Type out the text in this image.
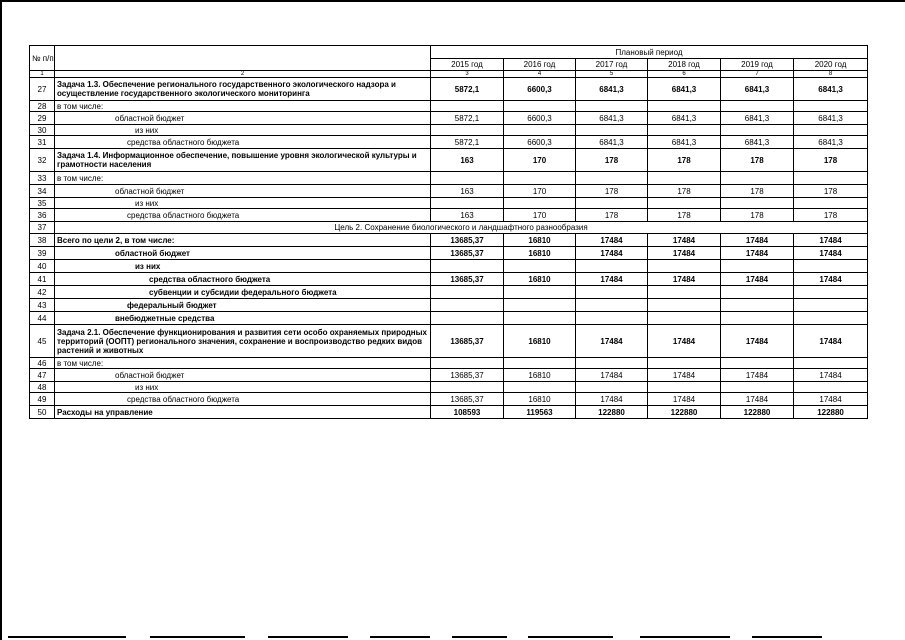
№ п/п		Плановый период					
		2015 год	2016 год	2017 год	2018 год	2019 год	2020 год
1	2	3	4	5	6	7	8
27	Задача 1.3. Обеспечение регионального государственного экологического надзора и осуществление государственного экологического мониторинга	5872,1	6600,3	6841,3	6841,3	6841,3	6841,3
28	в том числе:						
29	областной бюджет	5872,1	6600,3	6841,3	6841,3	6841,3	6841,3
30	из них						
31	средства областного бюджета	5872,1	6600,3	6841,3	6841,3	6841,3	6841,3
32	Задача 1.4. Информационное обеспечение, повышение уровня экологической культуры и грамотности населения	163	170	178	178	178	178
33	в том числе:						
34	областной бюджет	163	170	178	178	178	178
35	из них						
36	средства областного бюджета	163	170	178	178	178	178
37	Цель 2. Сохранение биологического и ландшафтного разнообразия						
38	Всего по цели 2, в том числе:	13685,37	16810	17484	17484	17484	17484
39	областной бюджет	13685,37	16810	17484	17484	17484	17484
40	из них						
41	средства областного бюджета	13685,37	16810	17484	17484	17484	17484
42	субвенции и субсидии федерального бюджета						
43	федеральный бюджет						
44	внебюджетные средства						
45	Задача 2.1. Обеспечение функционирования и развития сети особо охраняемых природных территорий (ООПТ) регионального значения, сохранение и воспроизводство редких видов растений и животных	13685,37	16810	17484	17484	17484	17484
46	в том числе:						
47	областной бюджет	13685,37	16810	17484	17484	17484	17484
48	из них						
49	средства областного бюджета	13685,37	16810	17484	17484	17484	17484
50	Расходы на управление	108593	119563	122880	122880	122880	122880
